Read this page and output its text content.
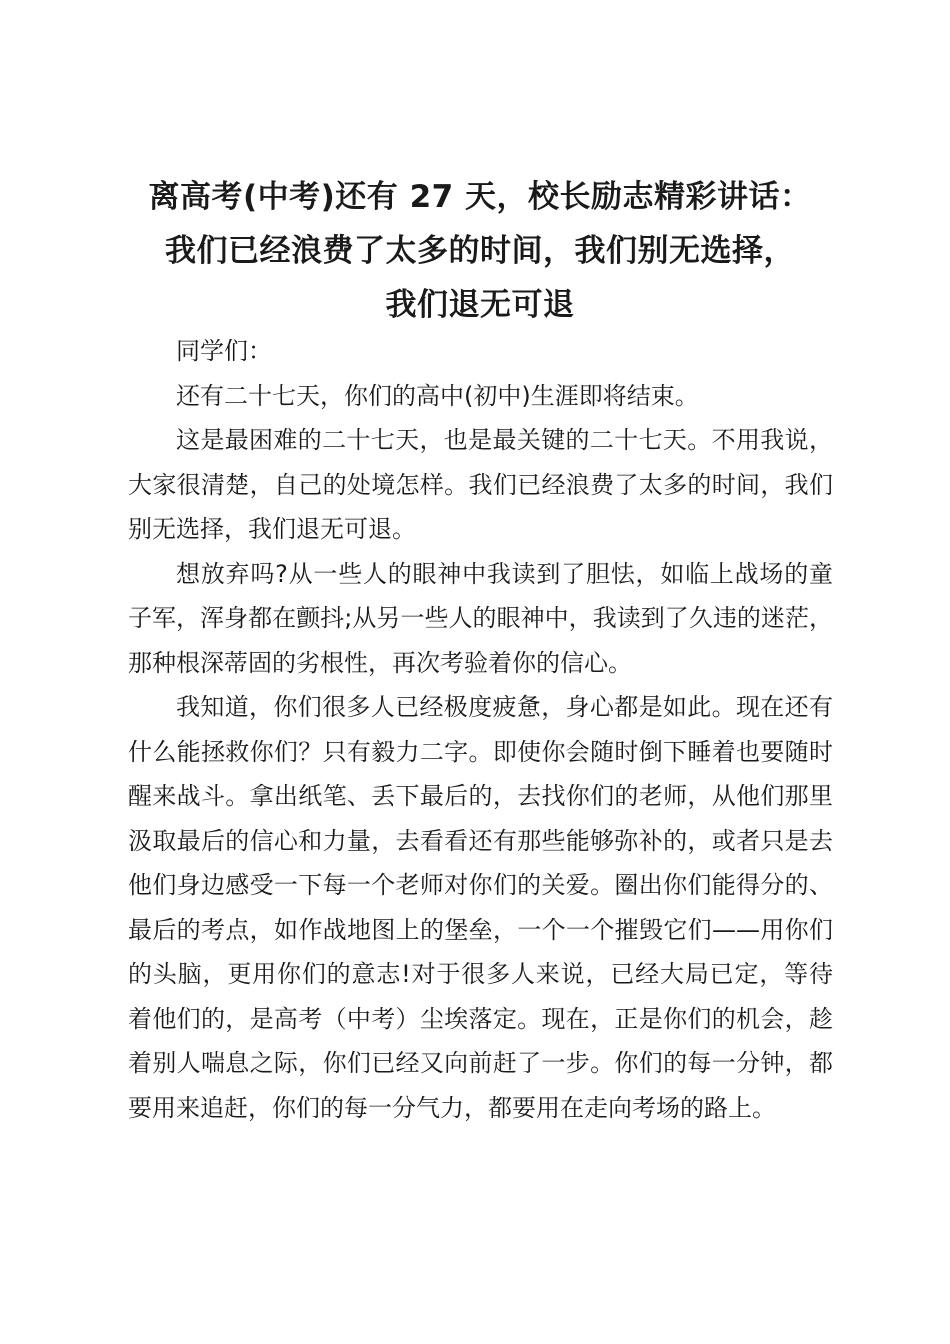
离高考(中考)还有 27 天，校长励志精彩讲话：
我们已经浪费了太多的时间，我们别无选择，
我们退无可退

同学们：

还有二十七天，你们的高中(初中)生涯即将结束。

这是最困难的二十七天，也是最关键的二十七天。不用我说，大家很清楚，自己的处境怎样。我们已经浪费了太多的时间，我们别无选择，我们退无可退。

想放弃吗?从一些人的眼神中我读到了胆怯，如临上战场的童子军，浑身都在颤抖;从另一些人的眼神中，我读到了久违的迷茫，那种根深蒂固的劣根性，再次考验着你的信心。

我知道，你们很多人已经极度疲惫，身心都是如此。现在还有什么能拯救你们？只有毅力二字。即使你会随时倒下睡着也要随时醒来战斗。拿出纸笔、丢下最后的，去找你们的老师，从他们那里汲取最后的信心和力量，去看看还有那些能够弥补的，或者只是去他们身边感受一下每一个老师对你们的关爱。圈出你们能得分的、最后的考点，如作战地图上的堡垒，一个一个摧毁它们——用你们的头脑，更用你们的意志!对于很多人来说，已经大局已定，等待着他们的，是高考（中考）尘埃落定。现在，正是你们的机会，趁着别人喘息之际，你们已经又向前赶了一步。你们的每一分钟，都要用来追赶，你们的每一分气力，都要用在走向考场的路上。
